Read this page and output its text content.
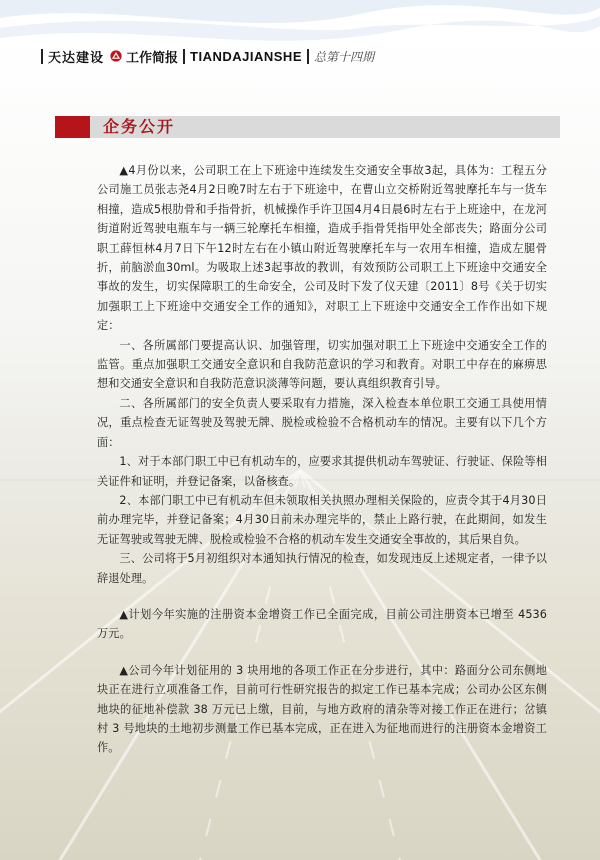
天达建设 工作简报 TIANDAJIANSHE 总第十四期
企务公开

▲4月份以来，公司职工在上下班途中连续发生交通安全事故3起，具体为：工程五分公司施工员张志尧4月2日晚7时左右于下班途中，在曹山立交桥附近驾驶摩托车与一货车相撞，造成5根肋骨和手指骨折，机械操作手许卫国4月4日晨6时左右于上班途中，在龙河街道附近驾驶电瓶车与一辆三轮摩托车相撞，造成手指骨凭指甲处全部丧失；路面分公司职工薛恒林4月7日下午12时左右在小镇山附近驾驶摩托车与一农用车相撞，造成左腿骨折，前脑淤血30ml。为吸取上述3起事故的教训，有效预防公司职工上下班途中交通安全事故的发生，切实保障职工的生命安全，公司及时下发了仪天建〔2011〕8号《关于切实加强职工上下班途中交通安全工作的通知》，对职工上下班途中交通安全工作作出如下规定：

一、各所属部门要提高认识、加强管理，切实加强对职工上下班途中交通安全工作的监管。重点加强职工交通安全意识和自我防范意识的学习和教育。对职工中存在的麻痹思想和交通安全意识和自我防范意识淡薄等问题，要认真组织教育引导。

二、各所属部门的安全负责人要采取有力措施，深入检查本单位职工交通工具使用情况，重点检查无证驾驶及驾驶无牌、脱检或检验不合格机动车的情况。主要有以下几个方面：

1、对于本部门职工中已有机动车的，应要求其提供机动车驾驶证、行驶证、保险等相关证件和证明，并登记备案，以备核查。

2、本部门职工中已有机动车但未领取相关执照办理相关保险的，应责令其于4月30日前办理完毕，并登记备案；4月30日前未办理完毕的，禁止上路行驶，在此期间，如发生无证驾驶或驾驶无牌、脱检或检验不合格的机动车发生交通安全事故的，其后果自负。

三、公司将于5月初组织对本通知执行情况的检查，如发现违反上述规定者，一律予以辞退处理。

▲计划今年实施的注册资本金增资工作已全面完成，目前公司注册资本已增至 4536 万元。

▲公司今年计划征用的 3 块用地的各项工作正在分步进行，其中：路面分公司东侧地块正在进行立项准备工作，目前可行性研究报告的拟定工作已基本完成；公司办公区东侧地块的征地补偿款 38 万元已上缴，目前，与地方政府的清杂等对接工作正在进行；岔镇村 3 号地块的土地初步测量工作已基本完成，正在进入为征地而进行的注册资本金增资工作。
